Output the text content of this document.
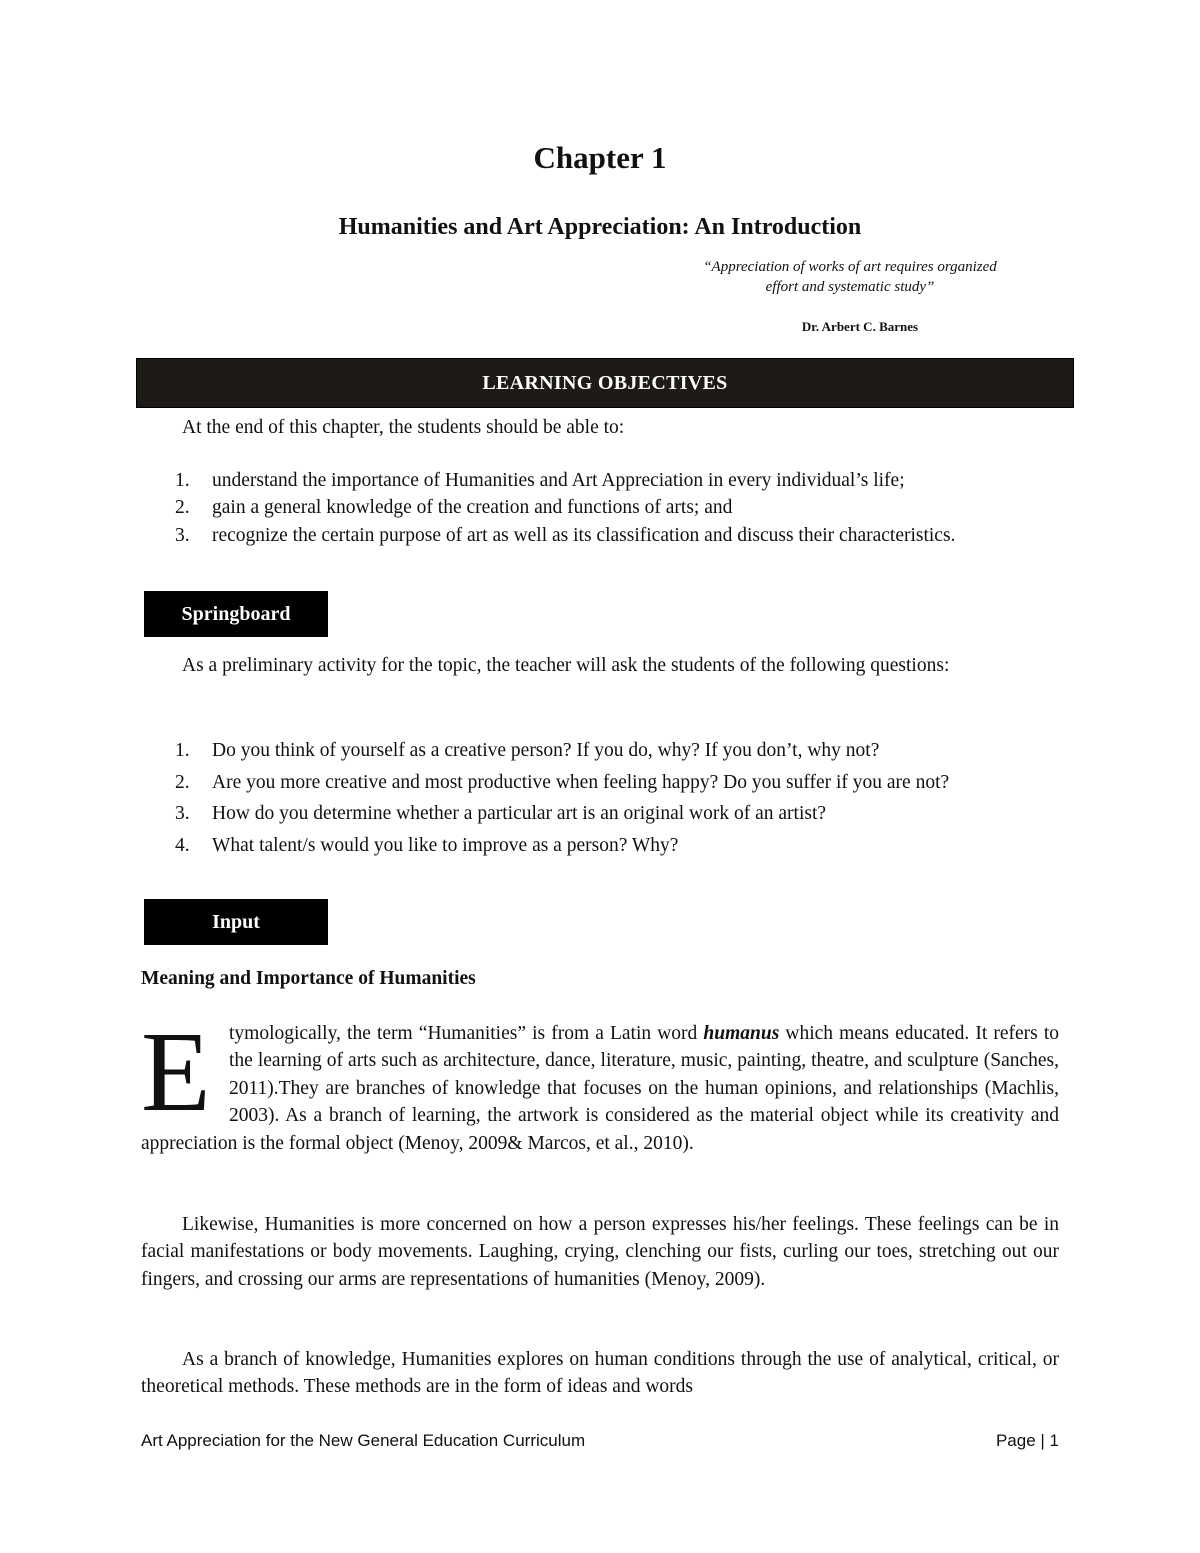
Chapter 1
Humanities and Art Appreciation: An Introduction
“Appreciation of works of art requires organized
effort and systematic study”
Dr. Arbert C. Barnes
LEARNING OBJECTIVES

At the end of this chapter, the students should be able to:

1. understand the importance of Humanities and Art Appreciation in every individual’s life;
2. gain a general knowledge of the creation and functions of arts; and
3. recognize the certain purpose of art as well as its classification and discuss their characteristics.
Springboard

As a preliminary activity for the topic, the teacher will ask the students of the following questions:

1. Do you think of yourself as a creative person? If you do, why? If you don’t, why not?
2. Are you more creative and most productive when feeling happy? Do you suffer if you are not?
3. How do you determine whether a particular art is an original work of an artist?
4. What talent/s would you like to improve as a person? Why?
Input
Meaning and Importance of Humanities

Etymologically, the term “Humanities” is from a Latin word humanus which means educated. It refers to the learning of arts such as architecture, dance, literature, music, painting, theatre, and sculpture (Sanches, 2011).They are branches of knowledge that focuses on the human opinions, and relationships (Machlis, 2003). As a branch of learning, the artwork is considered as the material object while its creativity and appreciation is the formal object (Menoy, 2009& Marcos, et al., 2010).

Likewise, Humanities is more concerned on how a person expresses his/her feelings. These feelings can be in facial manifestations or body movements. Laughing, crying, clenching our fists, curling our toes, stretching out our fingers, and crossing our arms are representations of humanities (Menoy, 2009).

As a branch of knowledge, Humanities explores on human conditions through the use of analytical, critical, or theoretical methods. These methods are in the form of ideas and words

Art Appreciation for the New General Education Curriculum	Page | 1
